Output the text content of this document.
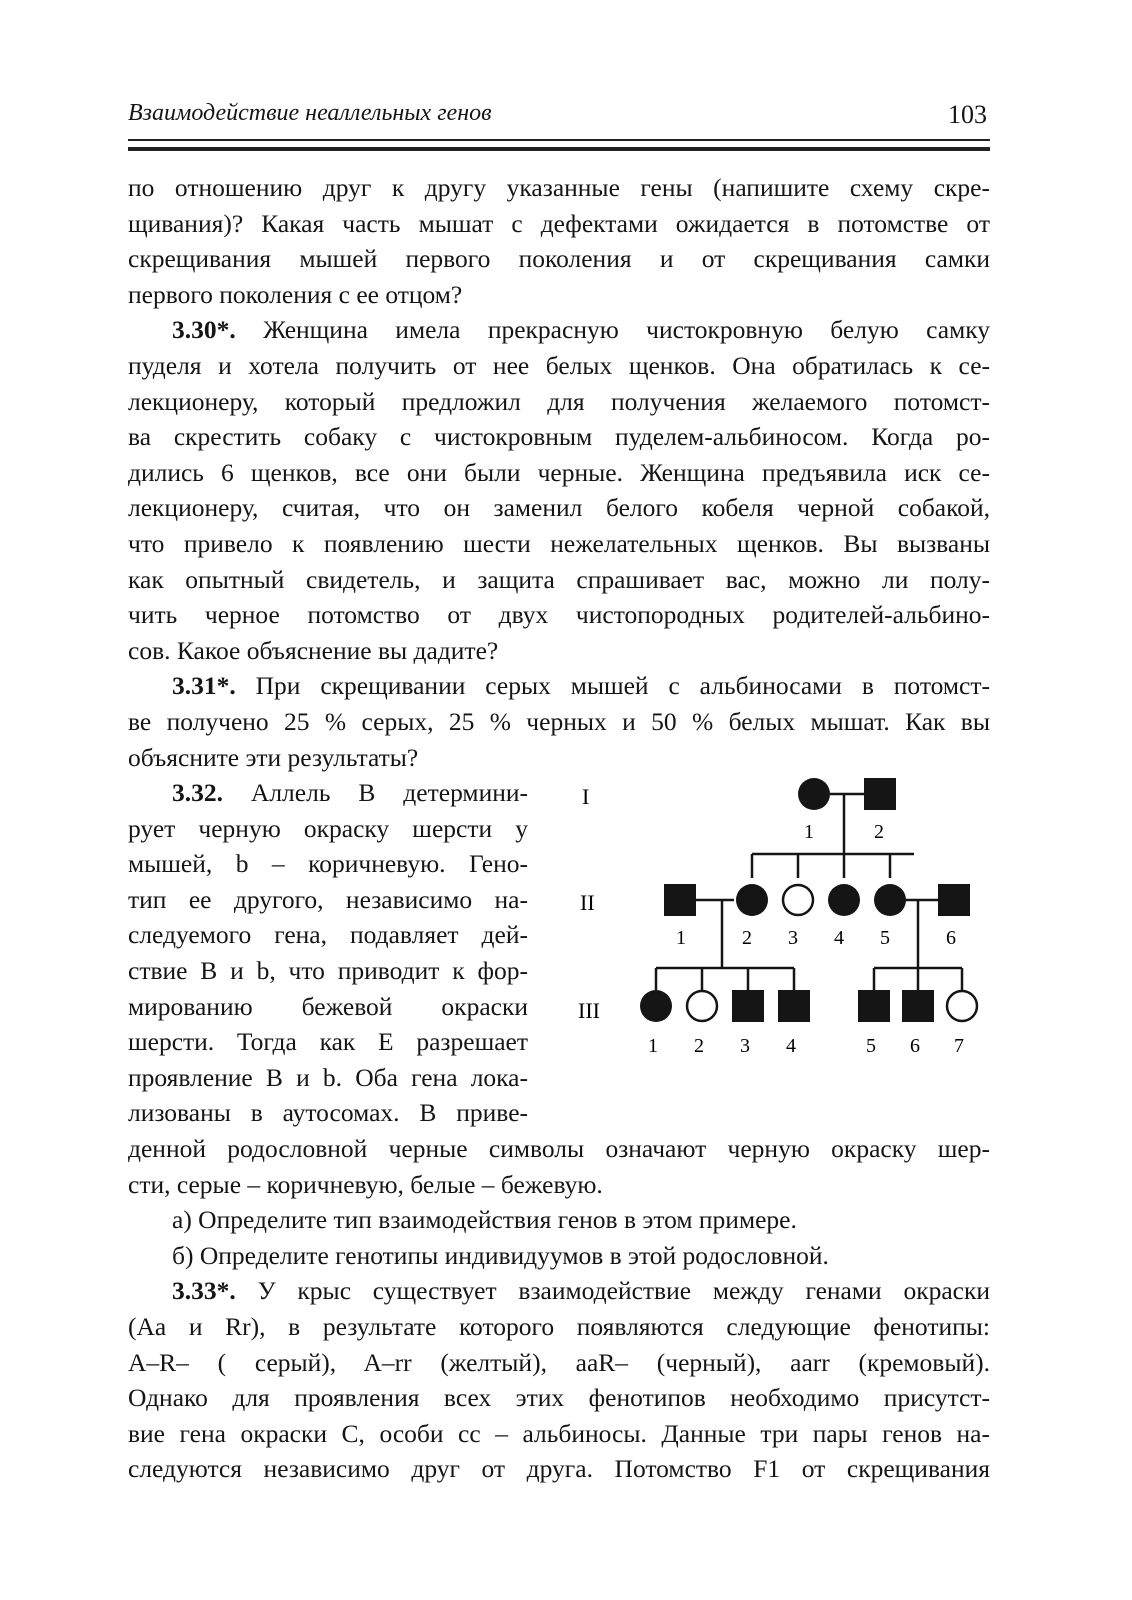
Взаимодействие неаллельных генов	103
по отношению друг к другу указанные гены (напишите схему скре-
щивания)? Какая часть мышат с дефектами ожидается в потомстве от
скрещивания мышей первого поколения и от скрещивания самки
первого поколения с ее отцом?
3.30*. Женщина имела прекрасную чистокровную белую самку
пуделя и хотела получить от нее белых щенков. Она обратилась к се-
лекционеру, который предложил для получения желаемого потомст-
ва скрестить собаку с чистокровным пуделем-альбиносом. Когда ро-
дились 6 щенков, все они были черные. Женщина предъявила иск се-
лекционеру, считая, что он заменил белого кобеля черной собакой,
что привело к появлению шести нежелательных щенков. Вы вызваны
как опытный свидетель, и защита спрашивает вас, можно ли полу-
чить черное потомство от двух чистопородных родителей-альбино-
сов. Какое объяснение вы дадите?
3.31*. При скрещивании серых мышей с альбиносами в потомст-
ве получено 25 % серых, 25 % черных и 50 % белых мышат. Как вы
объясните эти результаты?
3.32. Аллель B детермини-
рует черную окраску шерсти у
мышей, b – коричневую. Гено-
тип ee другого, независимо на-
следуемого гена, подавляет дей-
ствие B и b, что приводит к фор-
мированию бежевой окраски
шерсти. Тогда как E разрешает
проявление B и b. Оба гена лока-
лизованы в аутосомах. В приве-
денной родословной черные символы означают черную окраску шер-
сти, серые – коричневую, белые – бежевую.
а) Определите тип взаимодействия генов в этом примере.
б) Определите генотипы индивидуумов в этой родословной.
3.33*. У крыс существует взаимодействие между генами окраски
(Aa и Rr), в результате которого появляются следующие фенотипы:
A–R– ( серый), A–rr (желтый), aaR– (черный), aarr (кремовый).
Однако для проявления всех этих фенотипов необходимо присутст-
вие гена окраски C, особи cc – альбиносы. Данные три пары генов на-
следуются независимо друг от друга. Потомство F1 от скрещивания
I
II
III
1	2
1	2 3 4 5	6
1 2 3 4	5 6 7
